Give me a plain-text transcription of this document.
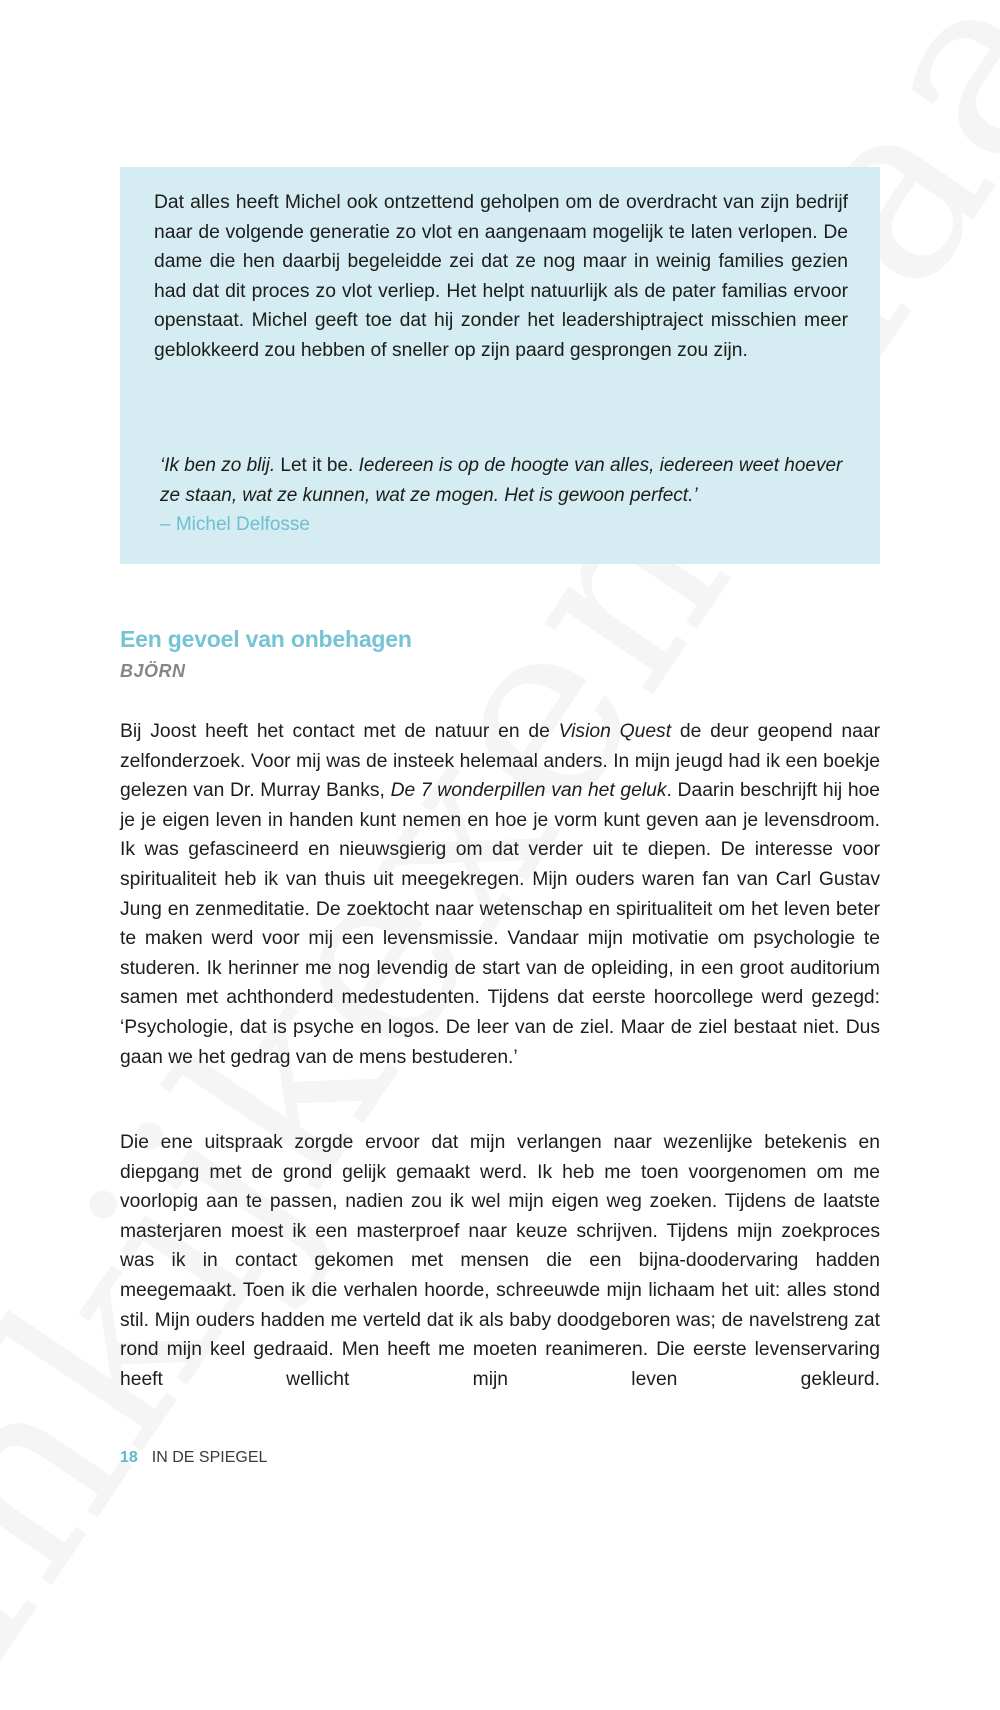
Dat alles heeft Michel ook ontzettend geholpen om de overdracht van zijn bedrijf naar de volgende generatie zo vlot en aangenaam mogelijk te laten verlopen. De dame die hen daarbij begeleidde zei dat ze nog maar in weinig families gezien had dat dit proces zo vlot verliep. Het helpt natuurlijk als de pater familias ervoor openstaat. Michel geeft toe dat hij zonder het leadershiptraject misschien meer geblokkeerd zou hebben of sneller op zijn paard gesprongen zou zijn.

‘Ik ben zo blij. Let it be. Iedereen is op de hoogte van alles, iedereen weet hoever ze staan, wat ze kunnen, wat ze mogen. Het is gewoon perfect.’
– Michel Delfosse

Een gevoel van onbehagen
BJÖRN

Bij Joost heeft het contact met de natuur en de Vision Quest de deur geopend naar zelfonderzoek. Voor mij was de insteek helemaal anders. In mijn jeugd had ik een boekje gelezen van Dr. Murray Banks, De 7 wonderpillen van het geluk. Daarin beschrijft hij hoe je je eigen leven in handen kunt nemen en hoe je vorm kunt geven aan je levensdroom. Ik was gefascineerd en nieuwsgierig om dat verder uit te diepen. De interesse voor spiritualiteit heb ik van thuis uit meegekregen. Mijn ouders waren fan van Carl Gustav Jung en zenmeditatie. De zoektocht naar wetenschap en spiritualiteit om het leven beter te maken werd voor mij een levensmissie. Vandaar mijn motivatie om psychologie te studeren. Ik herinner me nog levendig de start van de opleiding, in een groot auditorium samen met achthonderd medestudenten. Tijdens dat eerste hoorcollege werd gezegd: ‘Psychologie, dat is psyche en logos. De leer van de ziel. Maar de ziel bestaat niet. Dus gaan we het gedrag van de mens bestuderen.’

Die ene uitspraak zorgde ervoor dat mijn verlangen naar wezenlijke betekenis en diepgang met de grond gelijk gemaakt werd. Ik heb me toen voorgenomen om me voorlopig aan te passen, nadien zou ik wel mijn eigen weg zoeken. Tijdens de laatste masterjaren moest ik een masterproef naar keuze schrijven. Tijdens mijn zoekproces was ik in contact gekomen met mensen die een bijna-doodervaring hadden meegemaakt. Toen ik die verhalen hoorde, schreeuwde mijn lichaam het uit: alles stond stil. Mijn ouders hadden me verteld dat ik als baby doodgeboren was; de navelstreng zat rond mijn keel gedraaid. Men heeft me moeten reanimeren. Die eerste levenservaring heeft wellicht mijn leven gekleurd.

18 IN DE SPIEGEL
